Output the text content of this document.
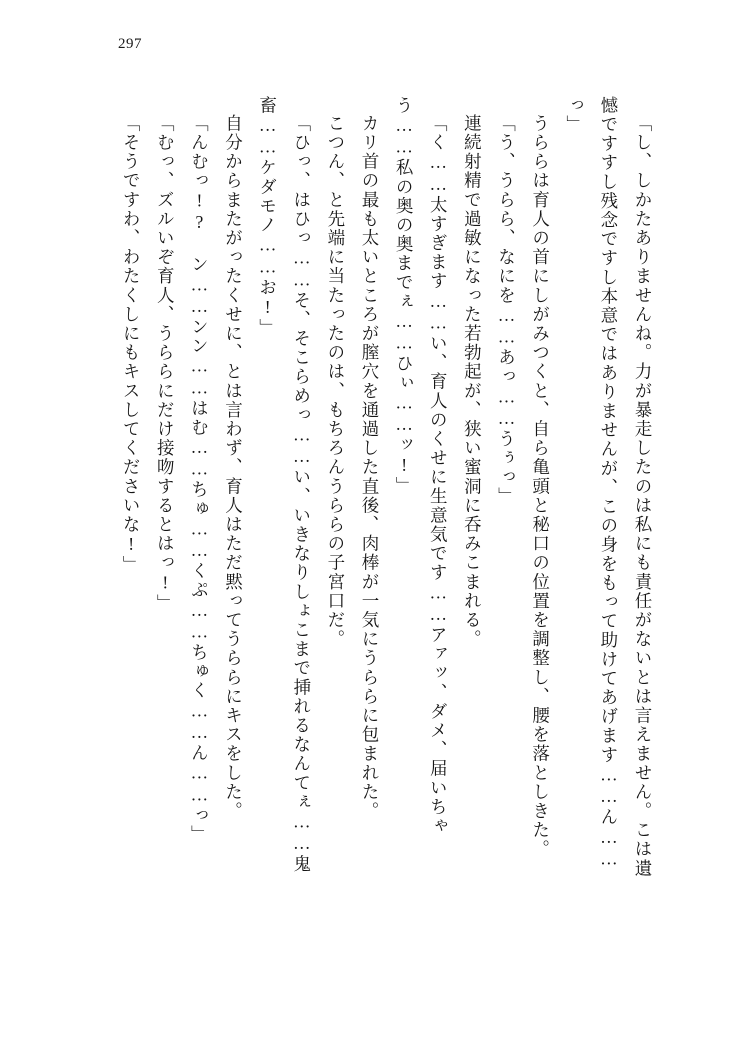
297

「し、しかたありませんね。力が暴走したのは私にも責任がないとは言えません。こは遺憾ですすし残念ですし本意ではありませんが、この身をもって助けてあげます……ん……っ」

うららは育人の首にしがみつくと、自ら亀頭と秘口の位置を調整し、腰を落としきた。

「う、うらら、なにを……あっ……うぅっ」

連続射精で過敏になった若勃起が、狭い蜜洞に呑みこまれる。

「く……太すぎます……い、育人のくせに生意気です……アァッ、ダメ、届いちゃう……私の奥の奥までぇ……ひぃ……ッ!」

カリ首の最も太いところが膣穴を通過した直後、肉棒が一気にうららに包まれた。

こつん、と先端に当たったのは、もちろんうららの子宮口だ。

「ひっ、はひっ……そ、そこらめっ……い、いきなりしょこまで挿れるなんてぇ……鬼畜……ケダモノ……お!」

自分からまたがったくせに、とは言わず、育人はただ黙ってうららにキスをした。

「んむっ!? ン……ンン……はむ……ちゅ……くぷ……ちゅく……ん……っ」

「むっ、ズルいぞ育人、うららにだけ接吻するとはっ!」

「そうですわ、わたくしにもキスしてくださいな!」
